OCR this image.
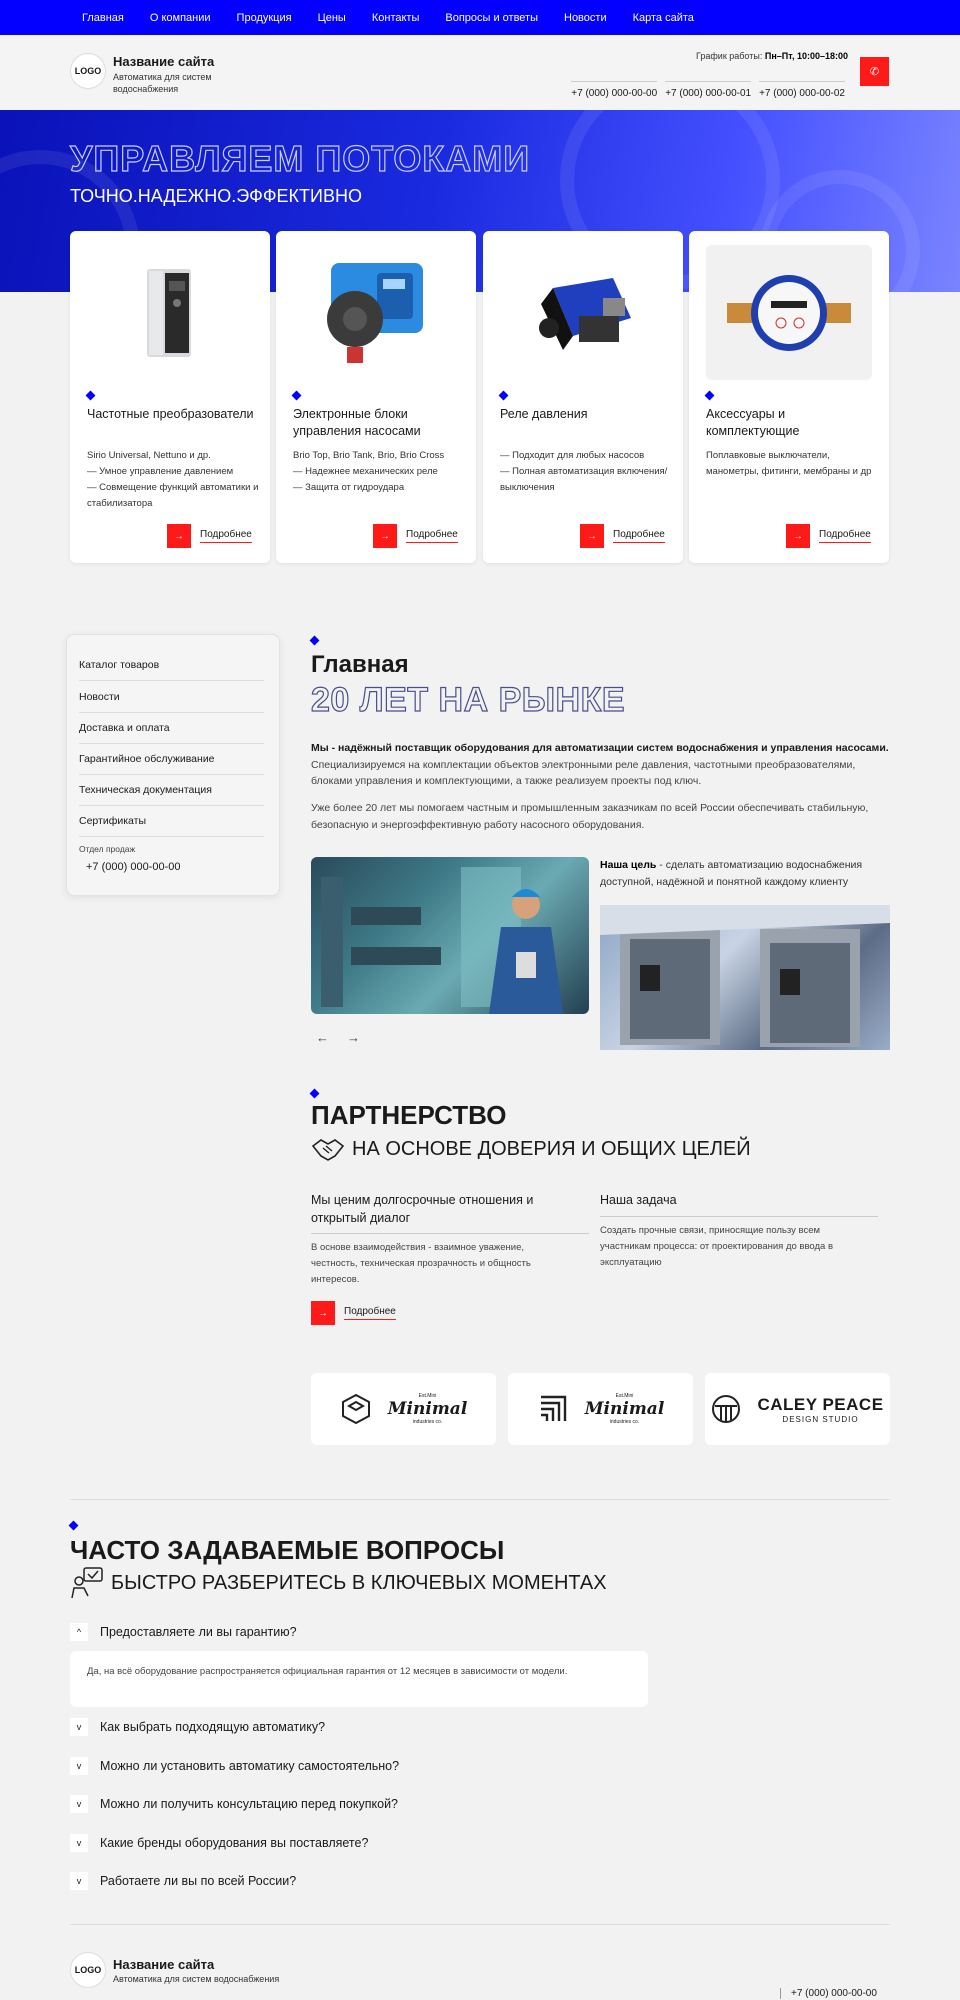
Главная О компании Продукция Цены Контакты Вопросы и ответы Новости Карта сайта
LOGO
Название сайта
Автоматика для систем водоснабжения
График работы: Пн–Пт, 10:00–18:00
+7 (000) 000-00-00 +7 (000) 000-00-01 +7 (000) 000-00-02
✆
УПРАВЛЯЕМ ПОТОКАМИ
ТОЧНО.НАДЕЖНО.ЭФФЕКТИВНО
Частотные преобразователи
Sirio Universal, Nettuno и др.
— Умное управление давлением
— Совмещение функций автоматики и стабилизатора
→	Подробнее
Электронные блоки управления насосами
Brio Top, Brio Tank, Brio, Brio Cross
— Надежнее механических реле
— Защита от гидроудара
→	Подробнее
Реле давления
— Подходит для любых насосов
— Полная автоматизация включения/выключения
→	Подробнее
Аксессуары и комплектующие
Поплавковые выключатели, манометры, фитинги, мембраны и др
→	Подробнее
Каталог товаров
Новости
Доставка и оплата
Гарантийное обслуживание
Техническая документация
Сертификаты
Отдел продаж
+7 (000) 000-00-00
Главная
20 ЛЕТ НА РЫНКЕ

Мы - надёжный поставщик оборудования для автоматизации систем водоснабжения и управления насосами. Специализируемся на комплектации объектов электронными реле давления, частотными преобразователями, блоками управления и комплектующими, а также реализуем проекты под ключ.

Уже более 20 лет мы помогаем частным и промышленным заказчикам по всей России обеспечивать стабильную, безопасную и энергоэффективную работу насосного оборудования.

Наша цель - сделать автоматизацию водоснабжения доступной, надёжной и понятной каждому клиенту

← →
ПАРТНЕРСТВО
НА ОСНОВЕ ДОВЕРИЯ И ОБЩИХ ЦЕЛЕЙ
Мы ценим долгосрочные отношения и открытый диалог
В основе взаимодействия - взаимное уважение, честность, техническая прозрачность и общность интересов.
Наша задача
Создать прочные связи, приносящие пользу всем участникам процесса: от проектирования до ввода в эксплуатацию
→	Подробнее
Est.Mini
Minimal
industries co.
Est.Mini
Minimal
industries co.
CALEY PEACE
DESIGN STUDIO
ЧАСТО ЗАДАВАЕМЫЕ ВОПРОСЫ
БЫСТРО РАЗБЕРИТЕСЬ В КЛЮЧЕВЫХ МОМЕНТАХ
^	Предоставляете ли вы гарантию?
Да, на всё оборудование распространяется официальная гарантия от 12 месяцев в зависимости от модели.
v	Как выбрать подходящую автоматику?
v	Можно ли установить автоматику самостоятельно?
v	Можно ли получить консультацию перед покупкой?
v	Какие бренды оборудования вы поставляете?
v	Работаете ли вы по всей России?
LOGO Название сайта
Автоматика для систем водоснабжения
+7 (000) 000-00-00
